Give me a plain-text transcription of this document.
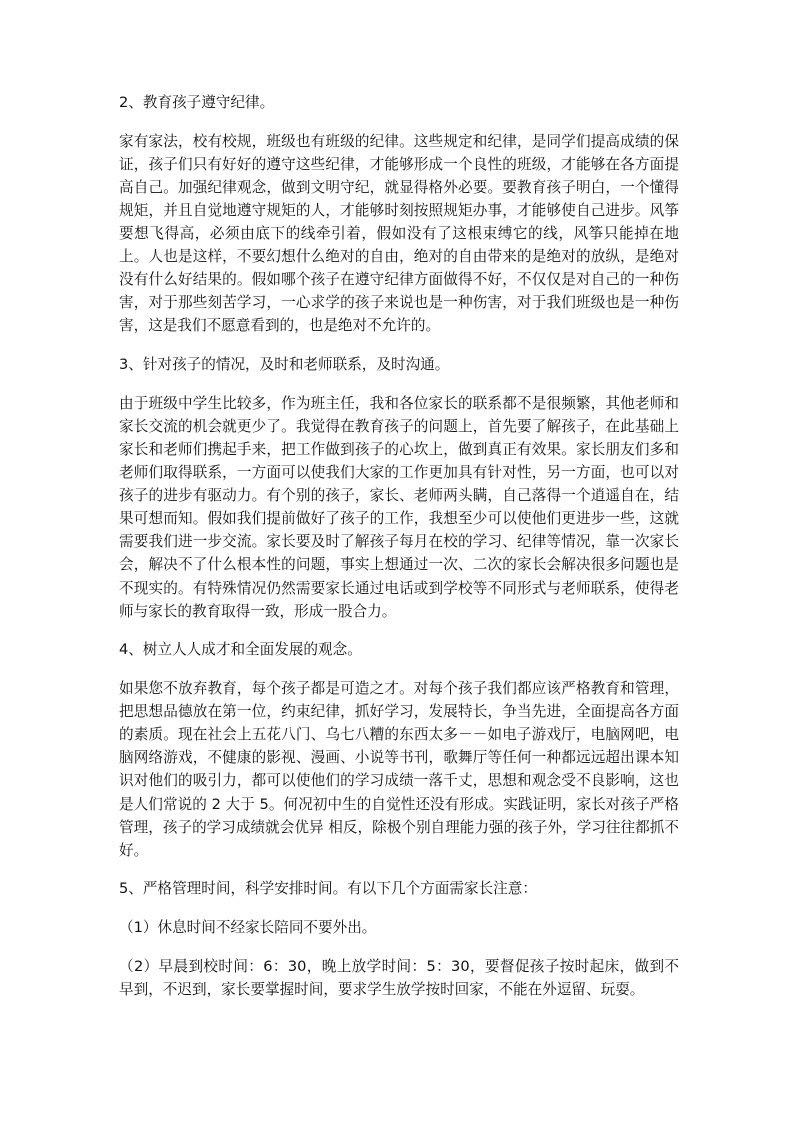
2、教育孩子遵守纪律。
家有家法，校有校规，班级也有班级的纪律。这些规定和纪律，是同学们提高成绩的保证，孩子们只有好好的遵守这些纪律，才能够形成一个良性的班级，才能够在各方面提高自己。加强纪律观念，做到文明守纪，就显得格外必要。要教育孩子明白，一个懂得规矩，并且自觉地遵守规矩的人，才能够时刻按照规矩办事，才能够使自己进步。风筝要想飞得高，必须由底下的线牵引着，假如没有了这根束缚它的线，风筝只能掉在地上。人也是这样，不要幻想什么绝对的自由，绝对的自由带来的是绝对的放纵，是绝对没有什么好结果的。假如哪个孩子在遵守纪律方面做得不好，不仅仅是对自己的一种伤害，对于那些刻苦学习，一心求学的孩子来说也是一种伤害，对于我们班级也是一种伤害，这是我们不愿意看到的，也是绝对不允许的。
3、针对孩子的情况，及时和老师联系，及时沟通。
由于班级中学生比较多，作为班主任，我和各位家长的联系都不是很频繁，其他老师和家长交流的机会就更少了。我觉得在教育孩子的问题上，首先要了解孩子，在此基础上家长和老师们携起手来，把工作做到孩子的心坎上，做到真正有效果。家长朋友们多和老师们取得联系，一方面可以使我们大家的工作更加具有针对性，另一方面，也可以对孩子的进步有驱动力。有个别的孩子，家长、老师两头瞒，自己落得一个逍遥自在，结果可想而知。假如我们提前做好了孩子的工作，我想至少可以使他们更进步一些，这就需要我们进一步交流。家长要及时了解孩子每月在校的学习、纪律等情况，靠一次家长会，解决不了什么根本性的问题，事实上想通过一次、二次的家长会解决很多问题也是不现实的。有特殊情况仍然需要家长通过电话或到学校等不同形式与老师联系，使得老师与家长的教育取得一致，形成一股合力。
4、树立人人成才和全面发展的观念。
如果您不放弃教育，每个孩子都是可造之才。对每个孩子我们都应该严格教育和管理，把思想品德放在第一位，约束纪律，抓好学习，发展特长，争当先进，全面提高各方面的素质。现在社会上五花八门、乌七八糟的东西太多－－如电子游戏厅，电脑网吧，电脑网络游戏，不健康的影视、漫画、小说等书刊，歌舞厅等任何一种都远远超出课本知识对他们的吸引力，都可以使他们的学习成绩一落千丈，思想和观念受不良影响，这也是人们常说的 2 大于 5。何况初中生的自觉性还没有形成。实践证明，家长对孩子严格管理，孩子的学习成绩就会优异 相反，除极个别自理能力强的孩子外，学习往往都抓不好。
5、严格管理时间，科学安排时间。有以下几个方面需家长注意：
（1）休息时间不经家长陪同不要外出。
（2）早晨到校时间：6：30，晚上放学时间：5：30，要督促孩子按时起床，做到不早到，不迟到，家长要掌握时间，要求学生放学按时回家，不能在外逗留、玩耍。
